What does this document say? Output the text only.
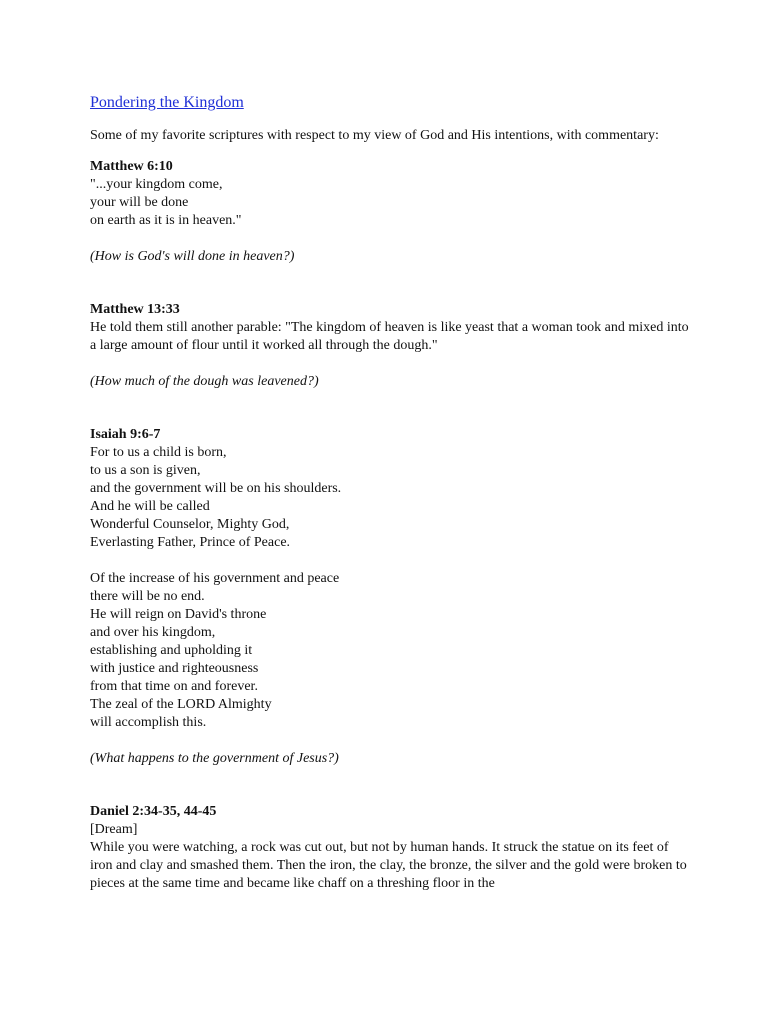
Pondering the Kingdom

Some of my favorite scriptures with respect to my view of God and His intentions, with commentary:

Matthew 6:10
"...your kingdom come,
your will be done
on earth as it is in heaven."
(How is God's will done in heaven?)
Matthew 13:33
He told them still another parable: "The kingdom of heaven is like yeast that a woman took and mixed into a large amount of flour until it worked all through the dough."
(How much of the dough was leavened?)
Isaiah 9:6-7
For to us a child is born,
to us a son is given,
and the government will be on his shoulders.
And he will be called
Wonderful Counselor, Mighty God,
Everlasting Father, Prince of Peace.
Of the increase of his government and peace
there will be no end.
He will reign on David's throne
and over his kingdom,
establishing and upholding it
with justice and righteousness
from that time on and forever.
The zeal of the LORD Almighty
will accomplish this.
(What happens to the government of Jesus?)
Daniel 2:34-35, 44-45
[Dream]
While you were watching, a rock was cut out, but not by human hands. It struck the statue on its feet of iron and clay and smashed them. Then the iron, the clay, the bronze, the silver and the gold were broken to pieces at the same time and became like chaff on a threshing floor in the
